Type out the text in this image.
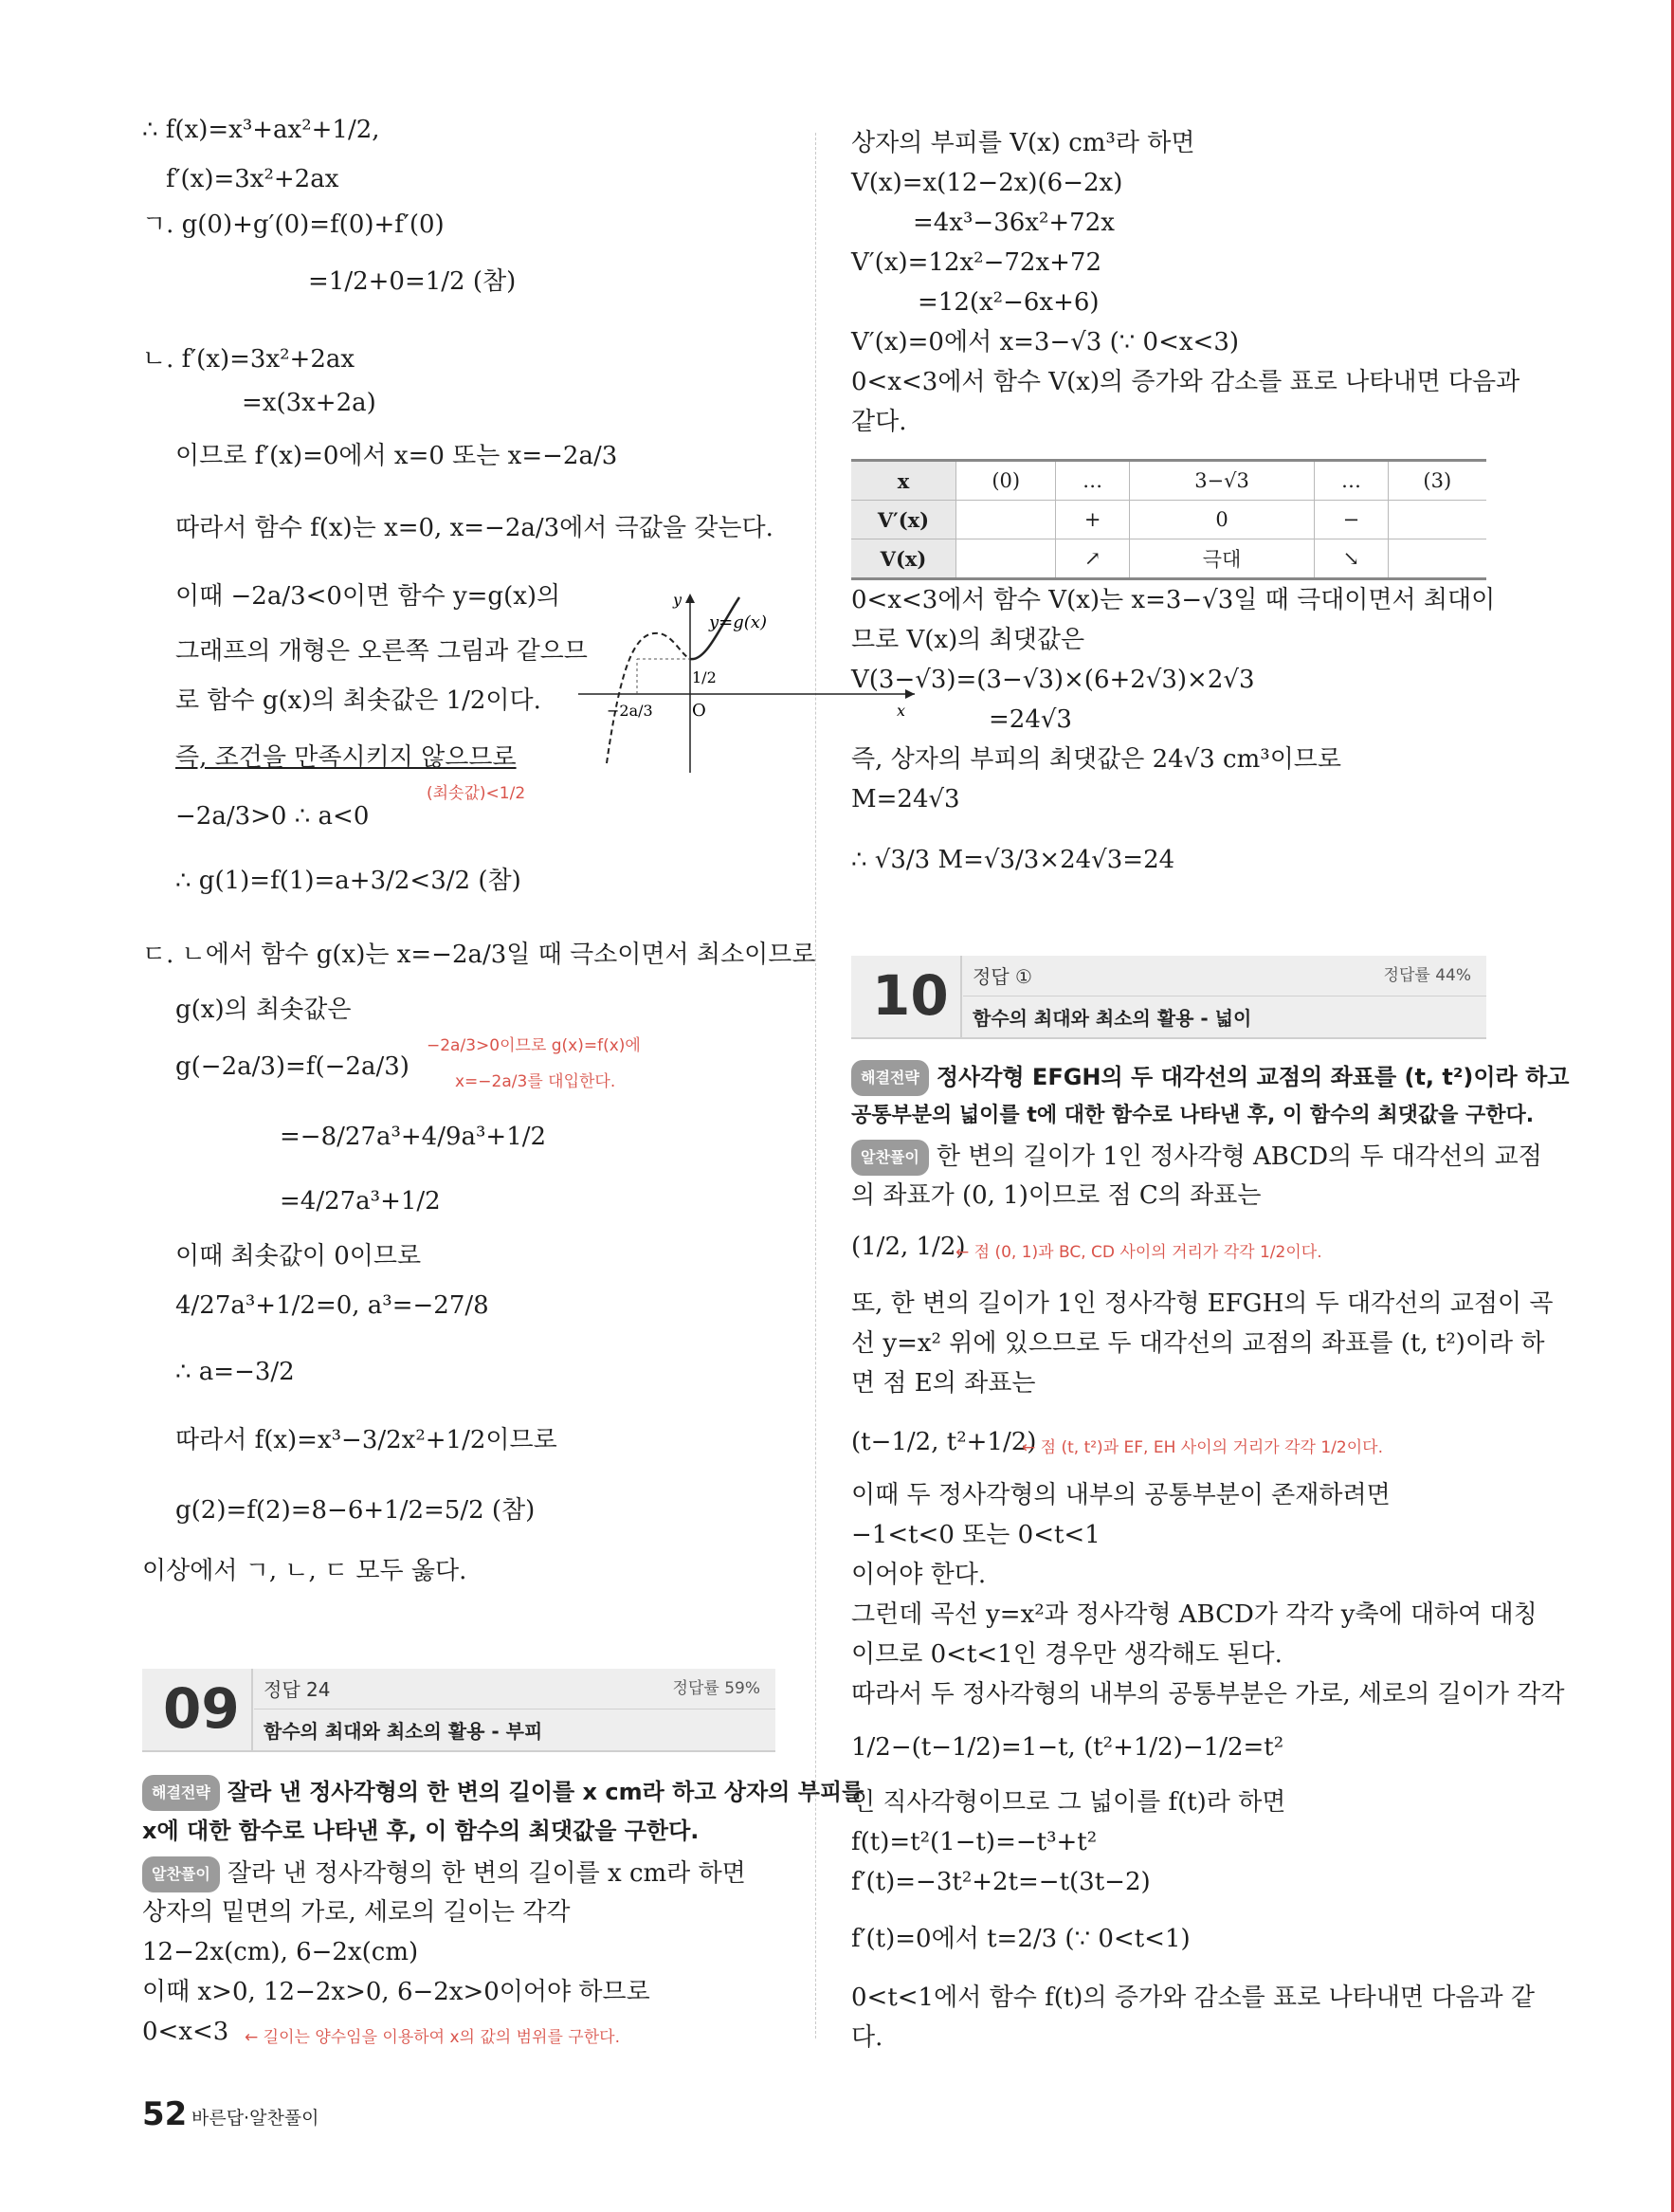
∴ f(x)=x³+ax²+1/2,
f′(x)=3x²+2ax
ㄱ. g(0)+g′(0)=f(0)+f′(0)
=1/2+0=1/2 (참)
ㄴ. f′(x)=3x²+2ax
=x(3x+2a)
이므로 f′(x)=0에서 x=0 또는 x=−2a/3
따라서 함수 f(x)는 x=0, x=−2a/3에서 극값을 갖는다.
이때 −2a/3<0이면 함수 y=g(x)의
그래프의 개형은 오른쪽 그림과 같으므
로 함수 g(x)의 최솟값은 1/2이다.
즉, 조건을 만족시키지 않으므로
(최솟값)<1/2
−2a/3>0 ∴ a<0
∴ g(1)=f(1)=a+3/2<3/2 (참)
ㄷ. ㄴ에서 함수 g(x)는 x=−2a/3일 때 극소이면서 최소이므로
g(x)의 최솟값은
g(−2a/3)=f(−2a/3)
−2a/3>0이므로 g(x)=f(x)에
x=−2a/3를 대입한다.
=−8/27a³+4/9a³+1/2
=4/27a³+1/2
이때 최솟값이 0이므로
4/27a³+1/2=0, a³=−27/8
∴ a=−3/2
따라서 f(x)=x³−3/2x²+1/2이므로
g(2)=f(2)=8−6+1/2=5/2 (참)
이상에서 ㄱ, ㄴ, ㄷ 모두 옳다.
y
y=g(x)
1/2
O	x
−2a/3
09 정답 24	정답률 59%
함수의 최대와 최소의 활용 - 부피
해결전략 잘라 낸 정사각형의 한 변의 길이를 x cm라 하고 상자의 부피를
x에 대한 함수로 나타낸 후, 이 함수의 최댓값을 구한다.
알찬풀이 잘라 낸 정사각형의 한 변의 길이를 x cm라 하면
상자의 밑면의 가로, 세로의 길이는 각각
12−2x(cm), 6−2x(cm)
이때 x>0, 12−2x>0, 6−2x>0이어야 하므로
0<x<3 ← 길이는 양수임을 이용하여 x의 값의 범위를 구한다.
상자의 부피를 V(x) cm³라 하면
V(x)=x(12−2x)(6−2x)
=4x³−36x²+72x
V′(x)=12x²−72x+72
=12(x²−6x+6)
V′(x)=0에서 x=3−√3 (∵ 0<x<3)
0<x<3에서 함수 V(x)의 증가와 감소를 표로 나타내면 다음과
같다.
x	(0)	…	3−√3	…	(3)
V′(x)		+	0	−	
V(x)		↗	극대	↘	
0<x<3에서 함수 V(x)는 x=3−√3일 때 극대이면서 최대이
므로 V(x)의 최댓값은
V(3−√3)=(3−√3)×(6+2√3)×2√3
=24√3
즉, 상자의 부피의 최댓값은 24√3 cm³이므로
M=24√3
∴ √3/3 M=√3/3×24√3=24
10 정답 ①	정답률 44%
함수의 최대와 최소의 활용 - 넓이
해결전략 정사각형 EFGH의 두 대각선의 교점의 좌표를 (t, t²)이라 하고
공통부분의 넓이를 t에 대한 함수로 나타낸 후, 이 함수의 최댓값을 구한다.
알찬풀이 한 변의 길이가 1인 정사각형 ABCD의 두 대각선의 교점
의 좌표가 (0, 1)이므로 점 C의 좌표는
(1/2, 1/2)
← 점 (0, 1)과 BC, CD 사이의 거리가 각각 1/2이다.
또, 한 변의 길이가 1인 정사각형 EFGH의 두 대각선의 교점이 곡
선 y=x² 위에 있으므로 두 대각선의 교점의 좌표를 (t, t²)이라 하
면 점 E의 좌표는
(t−1/2, t²+1/2)
← 점 (t, t²)과 EF, EH 사이의 거리가 각각 1/2이다.
이때 두 정사각형의 내부의 공통부분이 존재하려면
−1<t<0 또는 0<t<1
이어야 한다.
그런데 곡선 y=x²과 정사각형 ABCD가 각각 y축에 대하여 대칭
이므로 0<t<1인 경우만 생각해도 된다.
따라서 두 정사각형의 내부의 공통부분은 가로, 세로의 길이가 각각
1/2−(t−1/2)=1−t, (t²+1/2)−1/2=t²
인 직사각형이므로 그 넓이를 f(t)라 하면
f(t)=t²(1−t)=−t³+t²
f′(t)=−3t²+2t=−t(3t−2)
f′(t)=0에서 t=2/3 (∵ 0<t<1)
0<t<1에서 함수 f(t)의 증가와 감소를 표로 나타내면 다음과 같
다.
52 바른답·알찬풀이
